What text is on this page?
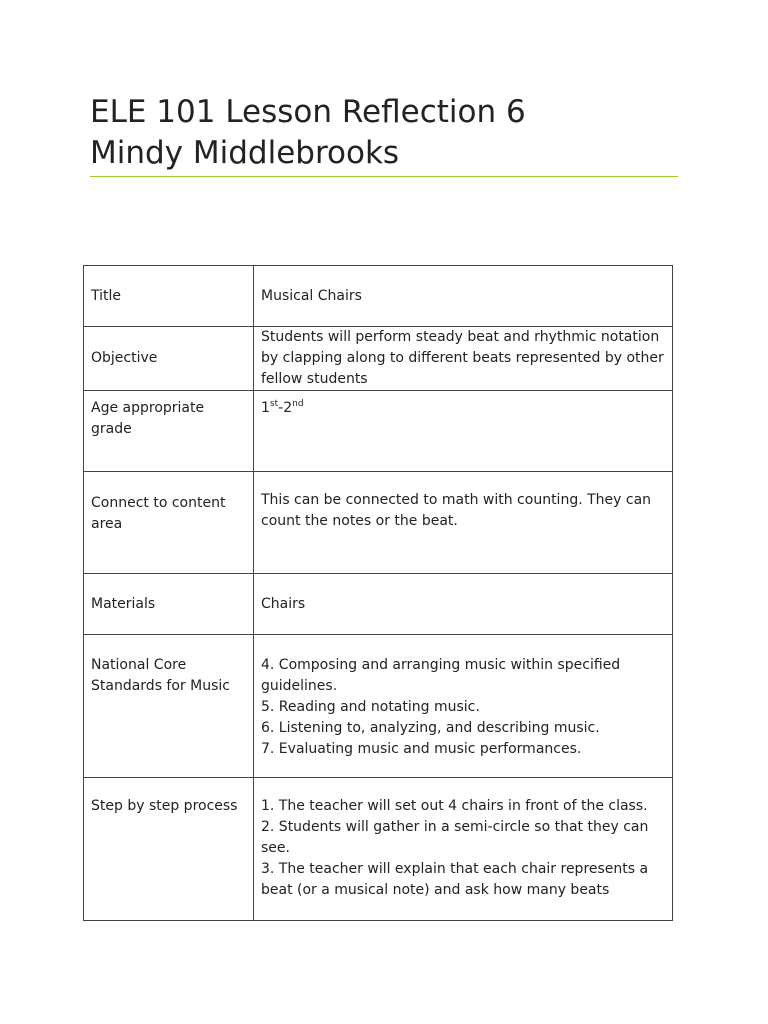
ELE 101 Lesson Reflection 6
Mindy Middlebrooks
Title	Musical Chairs
Objective	Students will perform steady beat and rhythmic notation by clapping along to different beats represented by other fellow students
Age appropriate grade	1st-2nd
Connect to content area	This can be connected to math with counting. They can count the notes or the beat.
Materials	Chairs
National Core Standards for Music	4. Composing and arranging music within specified guidelines.
5. Reading and notating music.
6. Listening to, analyzing, and describing music.
7. Evaluating music and music performances.

Step by step process	1. The teacher will set out 4 chairs in front of the class.
2. Students will gather in a semi-circle so that they can see.
3. The teacher will explain that each chair represents a beat (or a musical note) and ask how many beats
